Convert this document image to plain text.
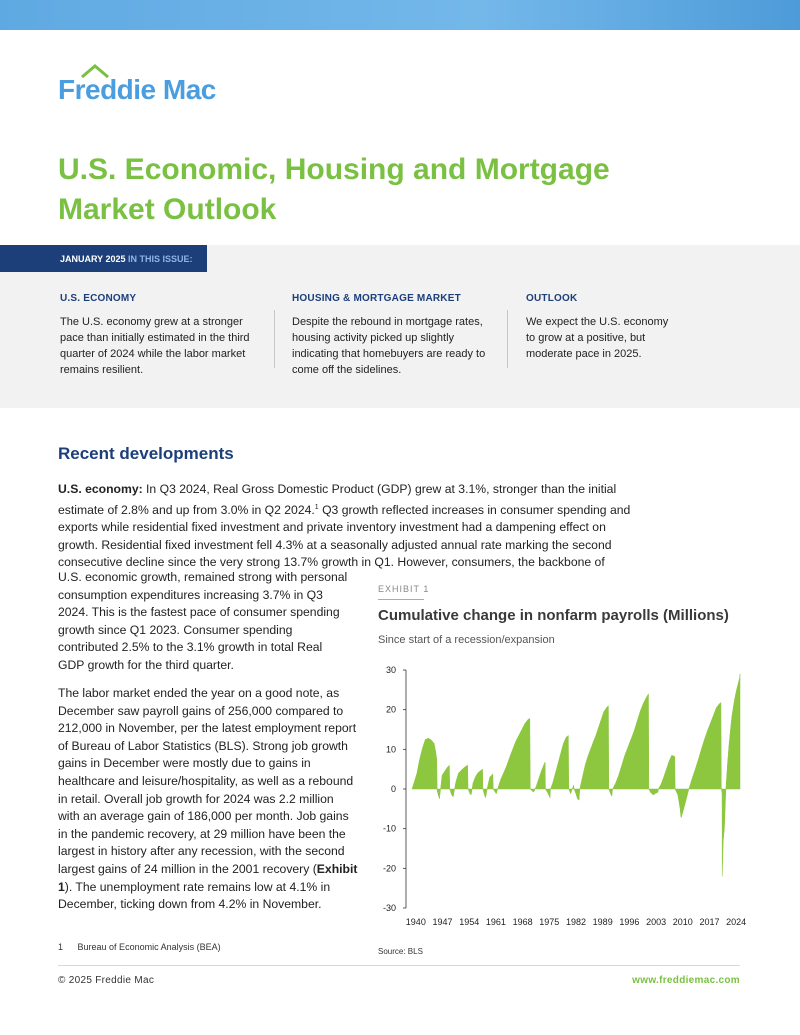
Freddie Mac
U.S. Economic, Housing and Mortgage Market Outlook
JANUARY 2025 IN THIS ISSUE:
U.S. ECONOMY
The U.S. economy grew at a stronger pace than initially estimated in the third quarter of 2024 while the labor market remains resilient.
HOUSING & MORTGAGE MARKET
Despite the rebound in mortgage rates, housing activity picked up slightly indicating that homebuyers are ready to come off the sidelines.
OUTLOOK
We expect the U.S. economy to grow at a positive, but moderate pace in 2025.
Recent developments

U.S. economy: In Q3 2024, Real Gross Domestic Product (GDP) grew at 3.1%, stronger than the initial estimate of 2.8% and up from 3.0% in Q2 2024.$^1$ Q3 growth reflected increases in consumer spending and exports while residential fixed investment and private inventory investment had a dampening effect on growth. Residential fixed investment fell 4.3% at a seasonally adjusted annual rate marking the second consecutive decline since the very strong 13.7% growth in Q1. However, consumers, the backbone of

U.S. economic growth, remained strong with personal consumption expenditures increasing 3.7% in Q3 2024. This is the fastest pace of consumer spending growth since Q1 2023. Consumer spending contributed 2.5% to the 3.1% growth in total Real GDP growth for the third quarter.

The labor market ended the year on a good note, as December saw payroll gains of 256,000 compared to 212,000 in November, per the latest employment report of Bureau of Labor Statistics (BLS). Strong job growth gains in December were mostly due to gains in healthcare and leisure/hospitality, as well as a rebound in retail. Overall job growth for 2024 was 2.2 million with an average gain of 186,000 per month. Job gains in the pandemic recovery, at 29 million have been the largest in history after any recession, with the second largest gains of 24 million in the 2001 recovery (Exhibit 1). The unemployment rate remains low at 4.1% in December, ticking down from 4.2% in November.

EXHIBIT 1
Cumulative change in nonfarm payrolls (Millions)
Since start of a recession/expansion
30
20
10
0
-10
-20
-30
1940 1947 1954 1961 1968 1975 1982 1989 1996 2003 2010 2017 2024
Source: BLS
1 Bureau of Economic Analysis (BEA)
© 2025 Freddie Mac	www.freddiemac.com
